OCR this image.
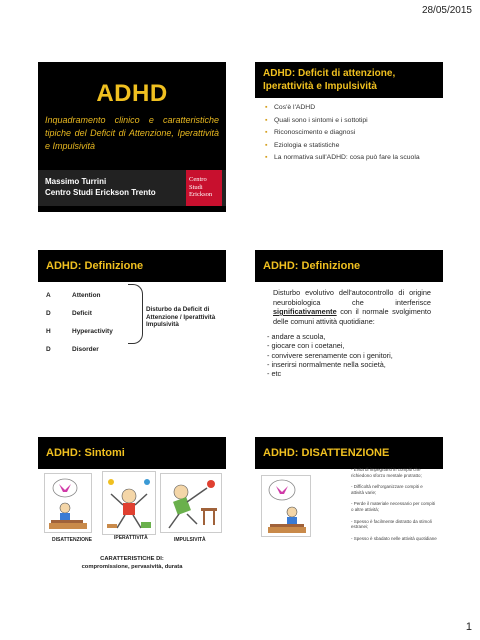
28/05/2015
ADHD
Inquadramento clinico e caratteristiche tipiche del Deficit di Attenzione, Iperattività e Impulsività
Massimo Turrini
Centro Studi Erickson Trento
Centro
Studi
Erickson
ADHD: Deficit di attenzione, Iperattività e Impulsività
▪ Cos'è l'ADHD
▪ Quali sono i sintomi e i sottotipi
▪ Riconoscimento e diagnosi
▪ Eziologia e statistiche
▪ La normativa sull'ADHD: cosa può fare la scuola
ADHD: Definizione
A	Attention
D	Deficit
H	Hyperactivity
D	Disorder
Disturbo da Deficit di Attenzione / Iperattività Impulsività
ADHD: Definizione
Disturbo evolutivo dell'autocontrollo di origine neurobiologica che interferisce significativamente con il normale svolgimento delle comuni attività quotidiane:
- andare a scuola,
- giocare con i coetanei,
- convivere serenamente con i genitori,
- inserirsi normalmente nella società,
- etc
ADHD: Sintomi
DISATTENZIONE	IPERATTIVITÀ	IMPULSIVITÀ
CARATTERISTICHE DI:
compromissione, pervasività, durata
ADHD: DISATTENZIONE
- Evita di impegnarsi in compiti che richiedono sforzo mentale protratto;
- Difficoltà nell'organizzare compiti e attività varie;
- Perde il materiale necessario per compiti o altre attività;
- Spesso è facilmente distratto da stimoli estranei;
- Spesso è sbadato nelle attività quotidiane
1
